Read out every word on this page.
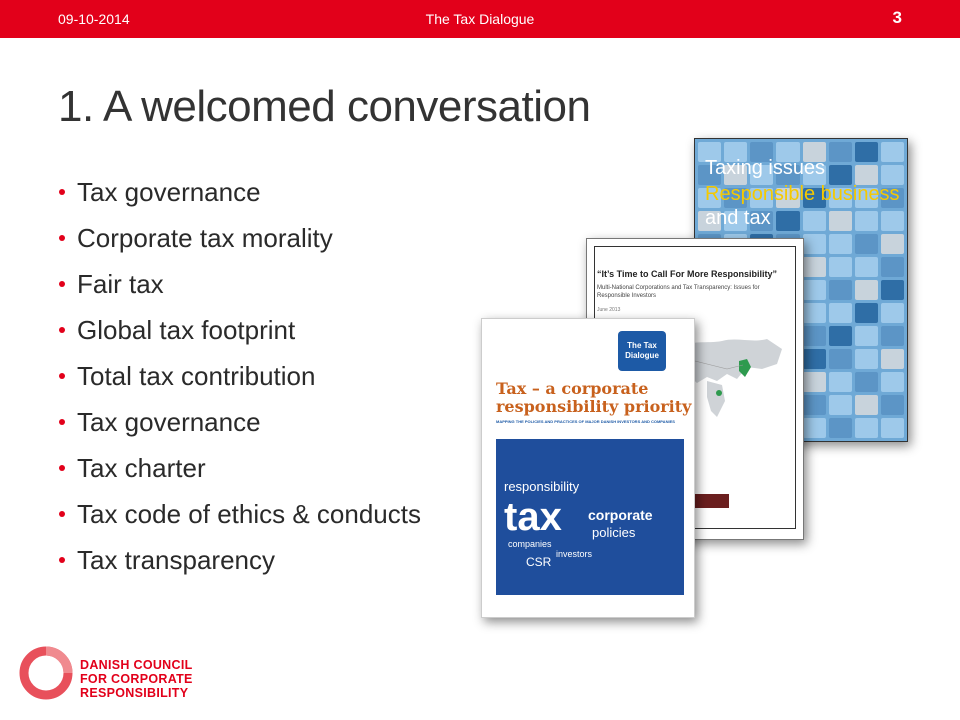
09-10-2014	The Tax Dialogue	3
1. A welcomed conversation
Tax governance
Corporate tax morality
Fair tax
Global tax footprint
Total tax contribution
Tax governance
Tax charter
Tax code of ethics & conducts
Tax transparency
Taxing issues
Responsible business
and tax
“It’s Time to Call For More Responsibility”
Multi-National Corporations and Tax Transparency: Issues for Responsible Investors
June 2013
The Tax Dialogue
Tax – a corporate
responsibility priority
MAPPING THE POLICIES AND PRACTICES OF MAJOR DANISH INVESTORS AND COMPANIES
responsibility
tax corporate
policies
investors
companies
CSR
DANISH COUNCIL
FOR CORPORATE
RESPONSIBILITY
